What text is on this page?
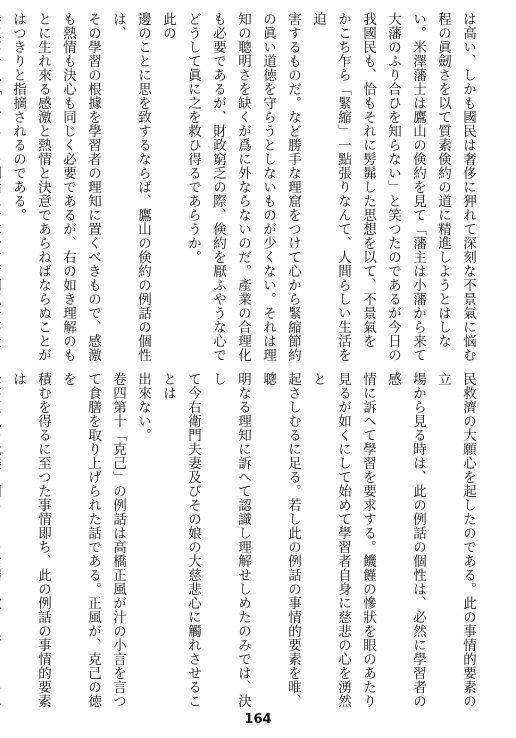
は高い、しかも國民は奢侈に狎れて深刻な不景氣に悩む

程の眞劒さを以て質素倹約の道に精進しようとはしな

い。米澤藩士は鷹山の倹約を見て「藩主は小藩から来て

大藩のふり合ひを知らない」と笑つたのであるが今日の

我國民も、恰もそれに髣髴した思想を以て、不景氣を

かこち乍ら「緊縮」一點張りなんて、人間らしい生活を迫

害するものだ。など勝手な理窟をつけて心から緊縮節約

の眞い道徳を守らうとしないものが少くない。それは理

知の聰明さを缺くが爲に外ならないのだ。產業の合理化

も必要であるが、財政窮乏の際、倹約を厭ふやうな心で

どうして眞に之を救ひ得るであらうか。

此の

邊のことに思を致するならば、鷹山の倹約の例話の個性は、

その學習の根據を學習者の理知に置くべきもので、感激

も熱情も決心も同じく必要であるが、右の如き理解のも

とに生れ來る感激と熱情と決意であらねばならぬことが

はつきりと指摘されるのである。

民救濟の大願心を起したのである。此の事情的要素の立

場から見る時は、此の例話の個性は、必然に學習者の感

情に訴へて學習を要求する。饑饉の慘狀を眼のあたり

見るが如くにして始めて學習者自身に慈悲の心を湧然と

起さしむるに足る。若し此の例話の事情的要素を唯、聰

明なる理知に訴へて認識し理解せしめたのみでは、決し

て今右衛門夫妻及びその娘の大慈悲心に觸れさせることは

出來ない。

卷四第十「克己」の例話は高橋正風が汁の小言を言つ

て食膳を取り上げられた話である。正風が、克己の徳を

積むを得るに至つた事情即ち、此の例話の事情的要素は

164
